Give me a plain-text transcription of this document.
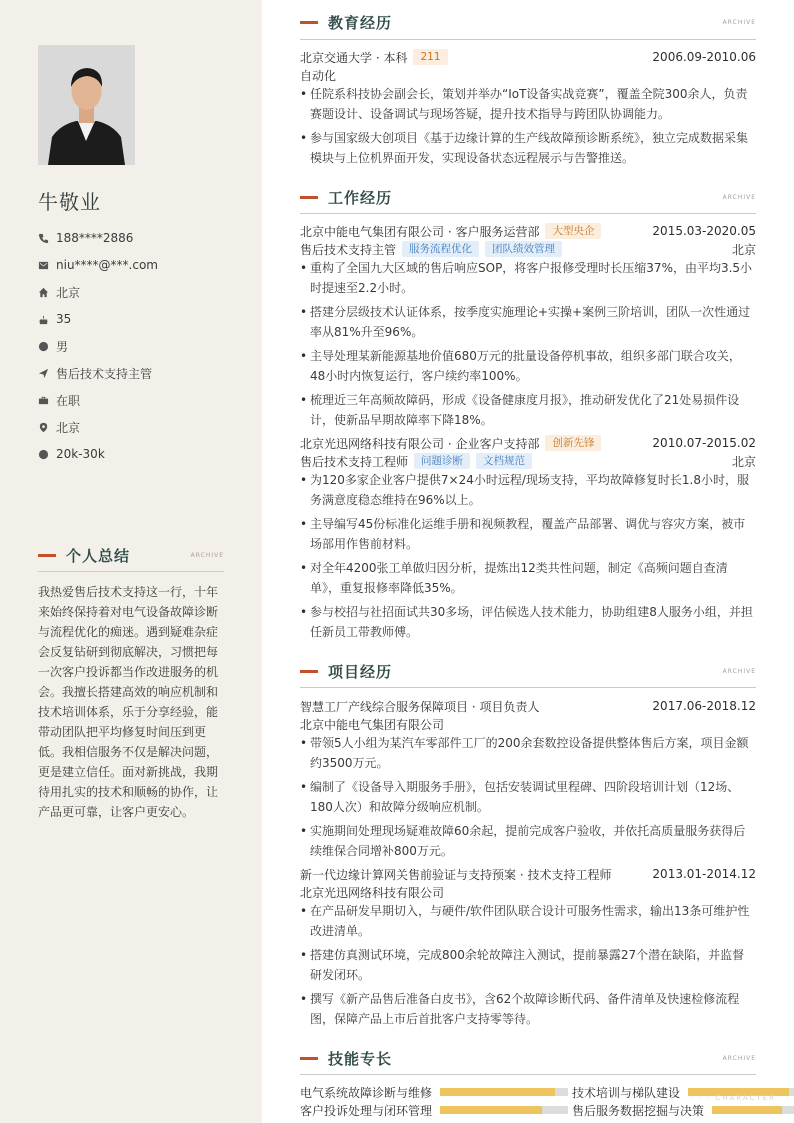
牛敬业
188****2886
niu****@***.com
北京
35
男
售后技术支持主管
在职
北京
20k-30k
个人总结	ARCHIVE
我热爱售后技术支持这一行，十年来始终保持着对电气设备故障诊断与流程优化的痴迷。遇到疑难杂症会反复钻研到彻底解决，习惯把每一次客户投诉都当作改进服务的机会。我擅长搭建高效的响应机制和技术培训体系，乐于分享经验，能带动团队把平均修复时间压到更低。我相信服务不仅是解决问题，更是建立信任。面对新挑战，我期待用扎实的技术和顺畅的协作，让产品更可靠，让客户更安心。
教育经历	ARCHIVE
北京交通大学 · 本科	211	2006.09-2010.06
自动化
• 任院系科技协会副会长，策划并举办“IoT设备实战竞赛”，覆盖全院300余人，负责赛题设计、设备调试与现场答疑，提升技术指导与跨团队协调能力。
• 参与国家级大创项目《基于边缘计算的生产线故障预诊断系统》，独立完成数据采集模块与上位机界面开发，实现设备状态远程展示与告警推送。
工作经历	ARCHIVE
北京中能电气集团有限公司 · 客户服务运营部	大型央企	2015.03-2020.05
售后技术支持主管	服务流程优化	团队绩效管理	北京
• 重构了全国九大区域的售后响应SOP，将客户报修受理时长压缩37%，由平均3.5小时提速至2.2小时。
• 搭建分层级技术认证体系，按季度实施理论+实操+案例三阶培训，团队一次性通过率从81%升至96%。
• 主导处理某新能源基地价值680万元的批量设备停机事故，组织多部门联合攻关，48小时内恢复运行，客户续约率100%。
• 梳理近三年高频故障码，形成《设备健康度月报》，推动研发优化了21处易损件设计，使新品早期故障率下降18%。
北京光迅网络科技有限公司 · 企业客户支持部	创新先锋	2010.07-2015.02
售后技术支持工程师	问题诊断	文档规范	北京
• 为120多家企业客户提供7×24小时远程/现场支持，平均故障修复时长1.8小时，服务满意度稳态维持在96%以上。
• 主导编写45份标准化运维手册和视频教程，覆盖产品部署、调优与容灾方案，被市场部用作售前材料。
• 对全年4200张工单做归因分析，提炼出12类共性问题，制定《高频问题自查清单》，重复报修率降低35%。
• 参与校招与社招面试共30多场，评估候选人技术能力，协助组建8人服务小组，并担任新员工带教师傅。
项目经历	ARCHIVE
智慧工厂产线综合服务保障项目 · 项目负责人	2017.06-2018.12
北京中能电气集团有限公司
• 带领5人小组为某汽车零部件工厂的200余套数控设备提供整体售后方案，项目金额约3500万元。
• 编制了《设备导入期服务手册》，包括安装调试里程碑、四阶段培训计划（12场、180人次）和故障分级响应机制。
• 实施期间处理现场疑难故障60余起，提前完成客户验收，并依托高质量服务获得后续维保合同增补800万元。
新一代边缘计算网关售前验证与支持预案 · 技术支持工程师	2013.01-2014.12
北京光迅网络科技有限公司
• 在产品研发早期切入，与硬件/软件团队联合设计可服务性需求，输出13条可维护性改进清单。
• 搭建仿真测试环境，完成800余轮故障注入测试，提前暴露27个潜在缺陷，并监督研发闭环。
• 撰写《新产品售后准备白皮书》，含62个故障诊断代码、备件清单及快速检修流程图，保障产品上市后首批客户支持零等待。
技能专长	ARCHIVE
电气系统故障诊断与维修	技术培训与梯队建设
客户投诉处理与闭环管理	售后服务数据挖掘与决策
· · · CHARACTER
